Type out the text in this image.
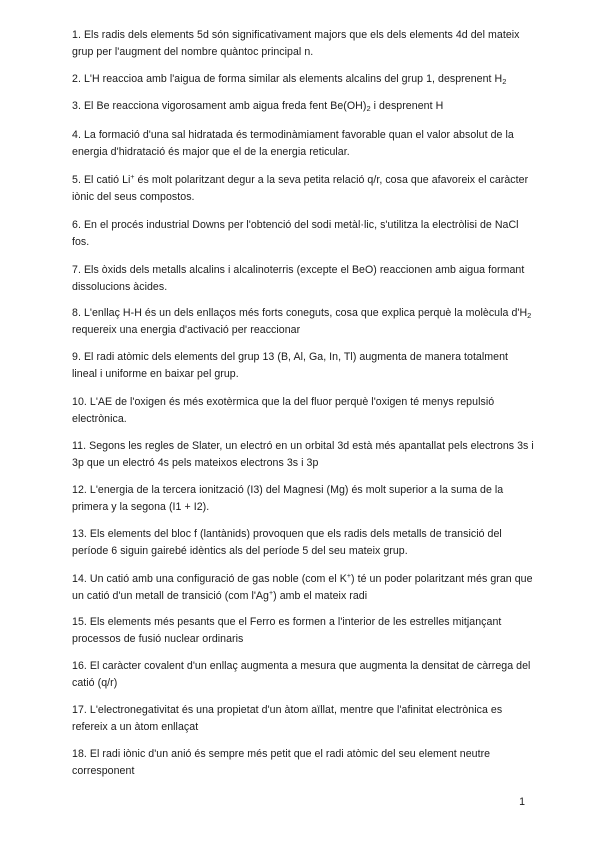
1. Els radis dels elements 5d són significativament majors que els dels elements 4d del mateix grup per l'augment del nombre quàntoc principal n.

2. L'H reaccioa amb l'aigua de forma similar als elements alcalins del grup 1, desprenent $H_2$

3. El Be reacciona vigorosament amb aigua freda fent $Be(OH)_2$ i desprenent H

4. La formació d'una sal hidratada és termodinàmiament favorable quan el valor absolut de la energia d'hidratació és major que el de la energia reticular.

5. El catió Li+ és molt polaritzant degur a la seva petita relació q/r, cosa que afavoreix el caràcter iònic del seus compostos.

6. En el procés industrial Downs per l'obtenció del sodi metàl·lic, s'utilitza la electròlisi de NaCl fos.

7. Els òxids dels metalls alcalins i alcalinoterris (excepte el BeO) reaccionen amb aigua formant dissolucions àcides.

8. L'enllaç H-H és un dels enllaços més forts coneguts, cosa que explica perquè la molècula $d'H_2$ requereix una energia d'activació per reaccionar

9. El radi atòmic dels elements del grup 13 (B, Al, Ga, In, Tl) augmenta de manera totalment lineal i uniforme en baixar pel grup.

10. L'AE de l'oxigen és més exotèrmica que la del fluor perquè l'oxigen té menys repulsió electrònica.

11. Segons les regles de Slater, un electró en un orbital 3d està més apantallat pels electrons 3s i 3p que un electró 4s pels mateixos electrons 3s i 3p

12. L'energia de la tercera ionització (I3) del Magnesi (Mg) és molt superior a la suma de la primera y la segona (I1 + I2).

13. Els elements del bloc f (lantànids) provoquen que els radis dels metalls de transició del període 6 siguin gairebé idèntics als del període 5 del seu mateix grup.

14. Un catió amb una configuració de gas noble (com el K+) té un poder polaritzant més gran que un catió d'un metall de transició (com l'Ag+) amb el mateix radi

15. Els elements més pesants que el Ferro es formen a l'interior de les estrelles mitjançant processos de fusió nuclear ordinaris

16. El caràcter covalent d'un enllaç augmenta a mesura que augmenta la densitat de càrrega del catió (q/r)

17. L'electronegativitat és una propietat d'un àtom aïllat, mentre que l'afinitat electrònica es refereix a un àtom enllaçat

18. El radi iònic d'un anió és sempre més petit que el radi atòmic del seu element neutre corresponent

1
